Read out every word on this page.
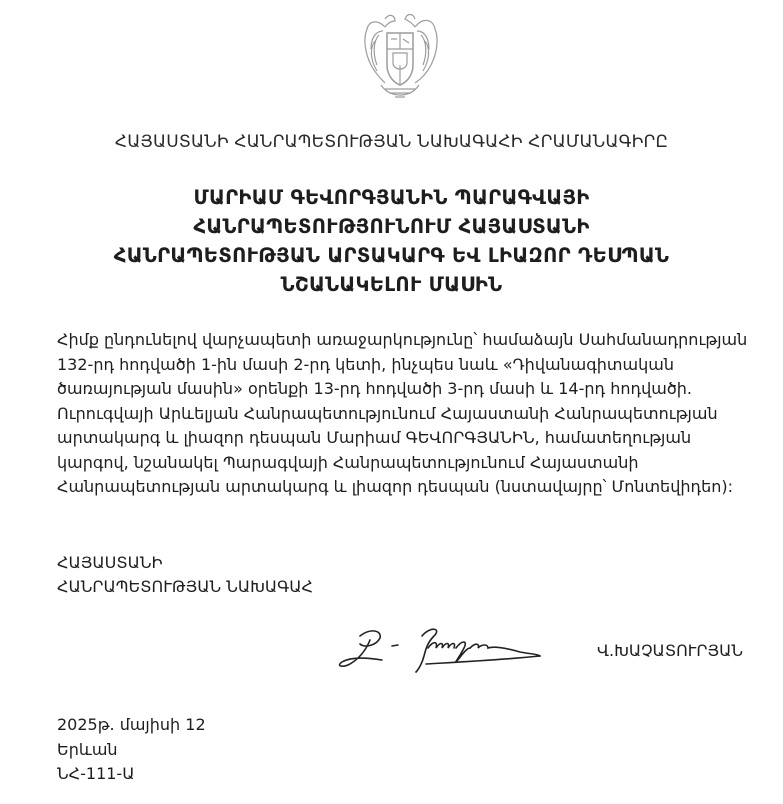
ՀԱՅԱՍՏԱՆԻ ՀԱՆՐԱՊԵՏՈՒԹՅԱՆ ՆԱԽԱԳԱՀԻ ՀՐԱՄԱՆԱԳԻՐԸ
ՄԱՐԻԱՄ ԳԵՎՈՐԳՅԱՆԻՆ ՊԱՐԱԳՎԱՅԻ
ՀԱՆՐԱՊԵՏՈՒԹՅՈՒՆՈՒՄ ՀԱՅԱՍՏԱՆԻ
ՀԱՆՐԱՊԵՏՈՒԹՅԱՆ ԱՐՏԱԿԱՐԳ ԵՎ ԼԻԱԶՈՐ ԴԵՍՊԱՆ
ՆՇԱՆԱԿԵԼՈՒ ՄԱՍԻՆ
Հիմք ընդունելով վարչապետի առաջարկությունը՝ համաձայն Սահմանադրության
132-րդ հոդվածի 1-ին մասի 2-րդ կետի, ինչպես նաև «Դիվանագիտական
ծառայության մասին» օրենքի 13-րդ հոդվածի 3-րդ մասի և 14-րդ հոդվածի.
Ուրուգվայի Արևելյան Հանրապետությունում Հայաստանի Հանրապետության
արտակարգ և լիազոր դեսպան Մարիամ ԳԵՎՈՐԳՅԱՆԻՆ, համատեղության
կարգով, նշանակել Պարագվայի Հանրապետությունում Հայաստանի
Հանրապետության արտակարգ և լիազոր դեսպան (նստավայրը՝ Մոնտեվիդեո):
ՀԱՅԱՍՏԱՆԻ
ՀԱՆՐԱՊԵՏՈՒԹՅԱՆ ՆԱԽԱԳԱՀ
Վ.ԽԱՉԱՏՈՒՐՅԱՆ
2025թ. մայիսի 12
Երևան
ՆՀ-111-Ա
